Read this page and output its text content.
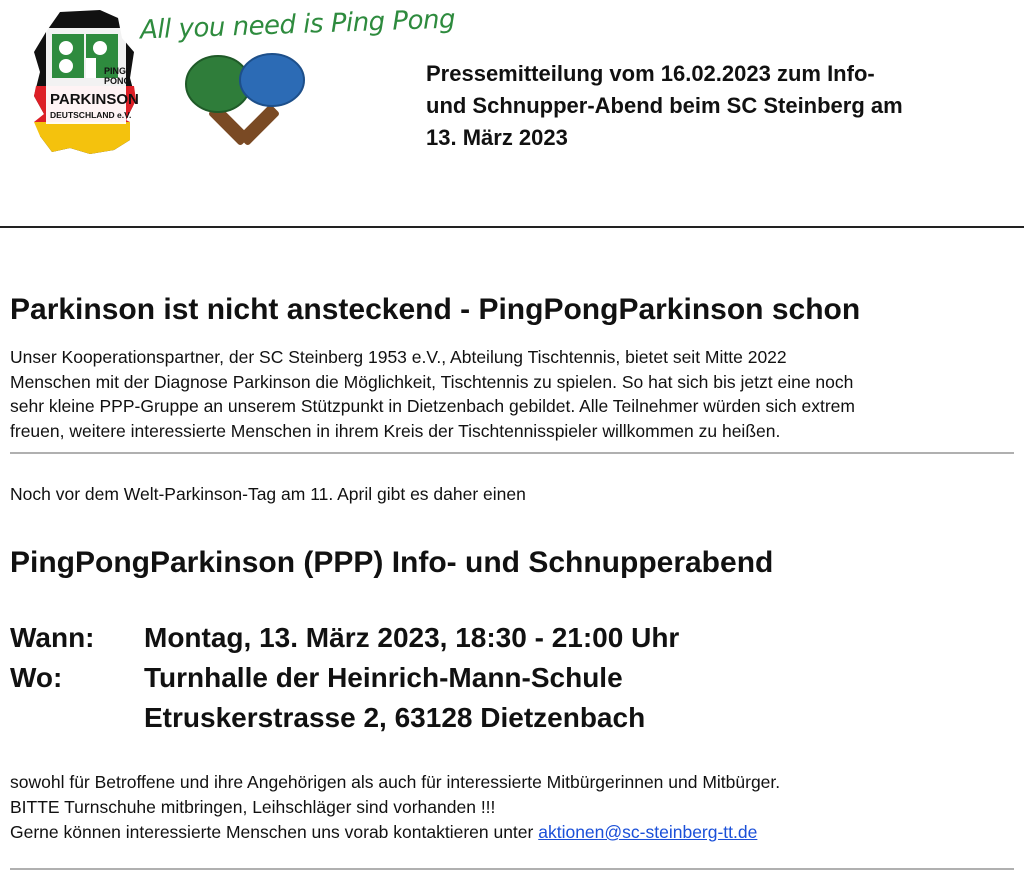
PING
PONG
PARKINSON
DEUTSCHLAND e.V.
All you need is Ping Pong
Pressemitteilung vom 16.02.2023 zum Info-
und Schnupper-Abend beim SC Steinberg am
13. März 2023
Parkinson ist nicht ansteckend - PingPongParkinson schon
Unser Kooperationspartner, der SC Steinberg 1953 e.V., Abteilung Tischtennis, bietet seit Mitte 2022
Menschen mit der Diagnose Parkinson die Möglichkeit, Tischtennis zu spielen. So hat sich bis jetzt eine noch
sehr kleine PPP-Gruppe an unserem Stützpunkt in Dietzenbach gebildet. Alle Teilnehmer würden sich extrem
freuen, weitere interessierte Menschen in ihrem Kreis der Tischtennisspieler willkommen zu heißen.
Noch vor dem Welt-Parkinson-Tag am 11. April gibt es daher einen
PingPongParkinson (PPP) Info- und Schnupperabend
Wann: Montag, 13. März 2023, 18:30 - 21:00 Uhr
Wo:	Turnhalle der Heinrich-Mann-Schule
Etruskerstrasse 2, 63128 Dietzenbach
sowohl für Betroffene und ihre Angehörigen als auch für interessierte Mitbürgerinnen und Mitbürger.
BITTE Turnschuhe mitbringen, Leihschläger sind vorhanden !!!
Gerne können interessierte Menschen uns vorab kontaktieren unter aktionen@sc-steinberg-tt.de
